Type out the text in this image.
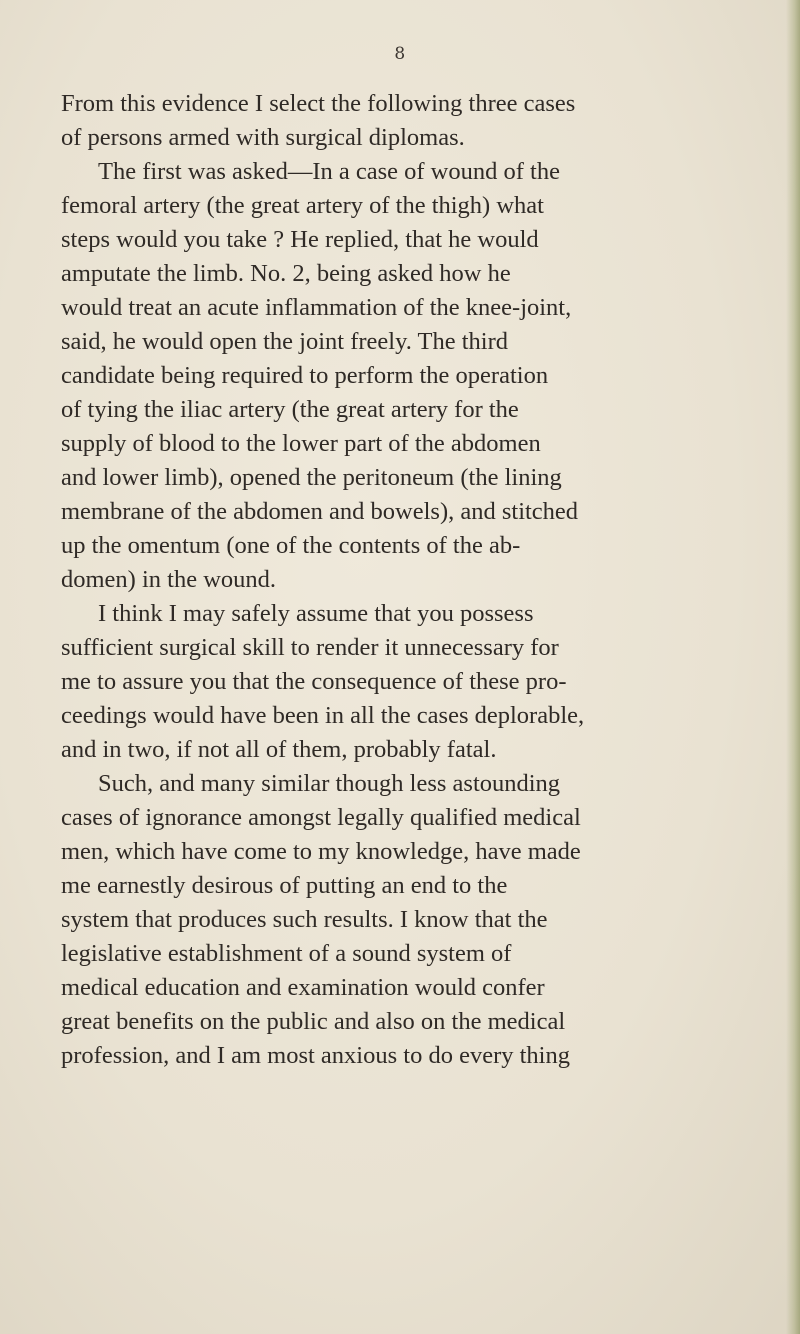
8
From this evidence I select the following three cases
of persons armed with surgical diplomas.
The first was asked—In a case of wound of the
femoral artery (the great artery of the thigh) what
steps would you take ? He replied, that he would
amputate the limb. No. 2, being asked how he
would treat an acute inflammation of the knee-joint,
said, he would open the joint freely. The third
candidate being required to perform the operation
of tying the iliac artery (the great artery for the
supply of blood to the lower part of the abdomen
and lower limb), opened the peritoneum (the lining
membrane of the abdomen and bowels), and stitched
up the omentum (one of the contents of the ab-
domen) in the wound.
I think I may safely assume that you possess
sufficient surgical skill to render it unnecessary for
me to assure you that the consequence of these pro-
ceedings would have been in all the cases deplorable,
and in two, if not all of them, probably fatal.
Such, and many similar though less astounding
cases of ignorance amongst legally qualified medical
men, which have come to my knowledge, have made
me earnestly desirous of putting an end to the
system that produces such results. I know that the
legislative establishment of a sound system of
medical education and examination would confer
great benefits on the public and also on the medical
profession, and I am most anxious to do every thing
